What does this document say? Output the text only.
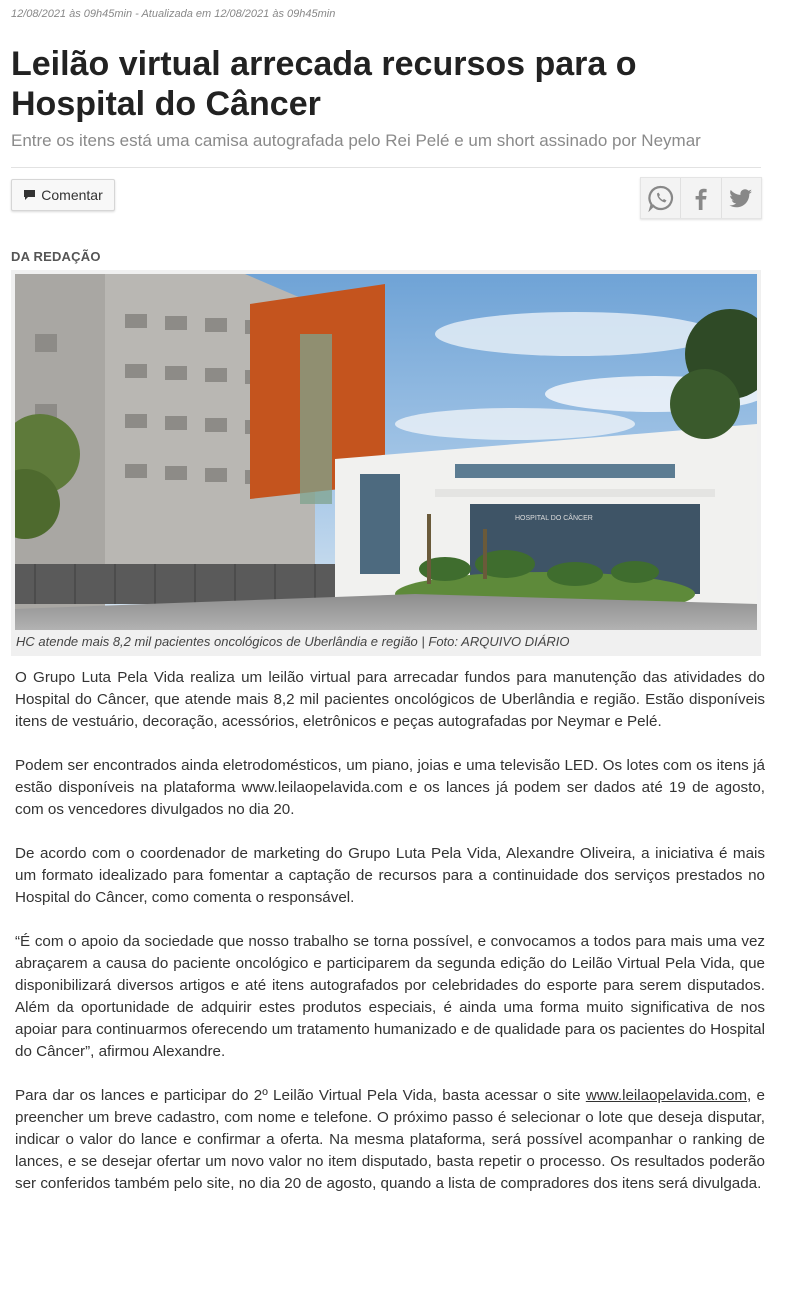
12/08/2021 às 09h45min - Atualizada em 12/08/2021 às 09h45min
Leilão virtual arrecada recursos para o Hospital do Câncer

Entre os itens está uma camisa autografada pelo Rei Pelé e um short assinado por Neymar

Comentar
DA REDAÇÃO
HOSPITAL DO CÂNCER
HC atende mais 8,2 mil pacientes oncológicos de Uberlândia e região | Foto: ARQUIVO DIÁRIO

O Grupo Luta Pela Vida realiza um leilão virtual para arrecadar fundos para manutenção das atividades do Hospital do Câncer, que atende mais 8,2 mil pacientes oncológicos de Uberlândia e região. Estão disponíveis itens de vestuário, decoração, acessórios, eletrônicos e peças autografadas por Neymar e Pelé.

Podem ser encontrados ainda eletrodomésticos, um piano, joias e uma televisão LED. Os lotes com os itens já estão disponíveis na plataforma www.leilaopelavida.com e os lances já podem ser dados até 19 de agosto, com os vencedores divulgados no dia 20.

De acordo com o coordenador de marketing do Grupo Luta Pela Vida, Alexandre Oliveira, a iniciativa é mais um formato idealizado para fomentar a captação de recursos para a continuidade dos serviços prestados no Hospital do Câncer, como comenta o responsável.

“É com o apoio da sociedade que nosso trabalho se torna possível, e convocamos a todos para mais uma vez abraçarem a causa do paciente oncológico e participarem da segunda edição do Leilão Virtual Pela Vida, que disponibilizará diversos artigos e até itens autografados por celebridades do esporte para serem disputados. Além da oportunidade de adquirir estes produtos especiais, é ainda uma forma muito significativa de nos apoiar para continuarmos oferecendo um tratamento humanizado e de qualidade para os pacientes do Hospital do Câncer”, afirmou Alexandre.

Para dar os lances e participar do 2º Leilão Virtual Pela Vida, basta acessar o site www.leilaopelavida.com, e preencher um breve cadastro, com nome e telefone. O próximo passo é selecionar o lote que deseja disputar, indicar o valor do lance e confirmar a oferta. Na mesma plataforma, será possível acompanhar o ranking de lances, e se desejar ofertar um novo valor no item disputado, basta repetir o processo. Os resultados poderão ser conferidos também pelo site, no dia 20 de agosto, quando a lista de compradores dos itens será divulgada.
